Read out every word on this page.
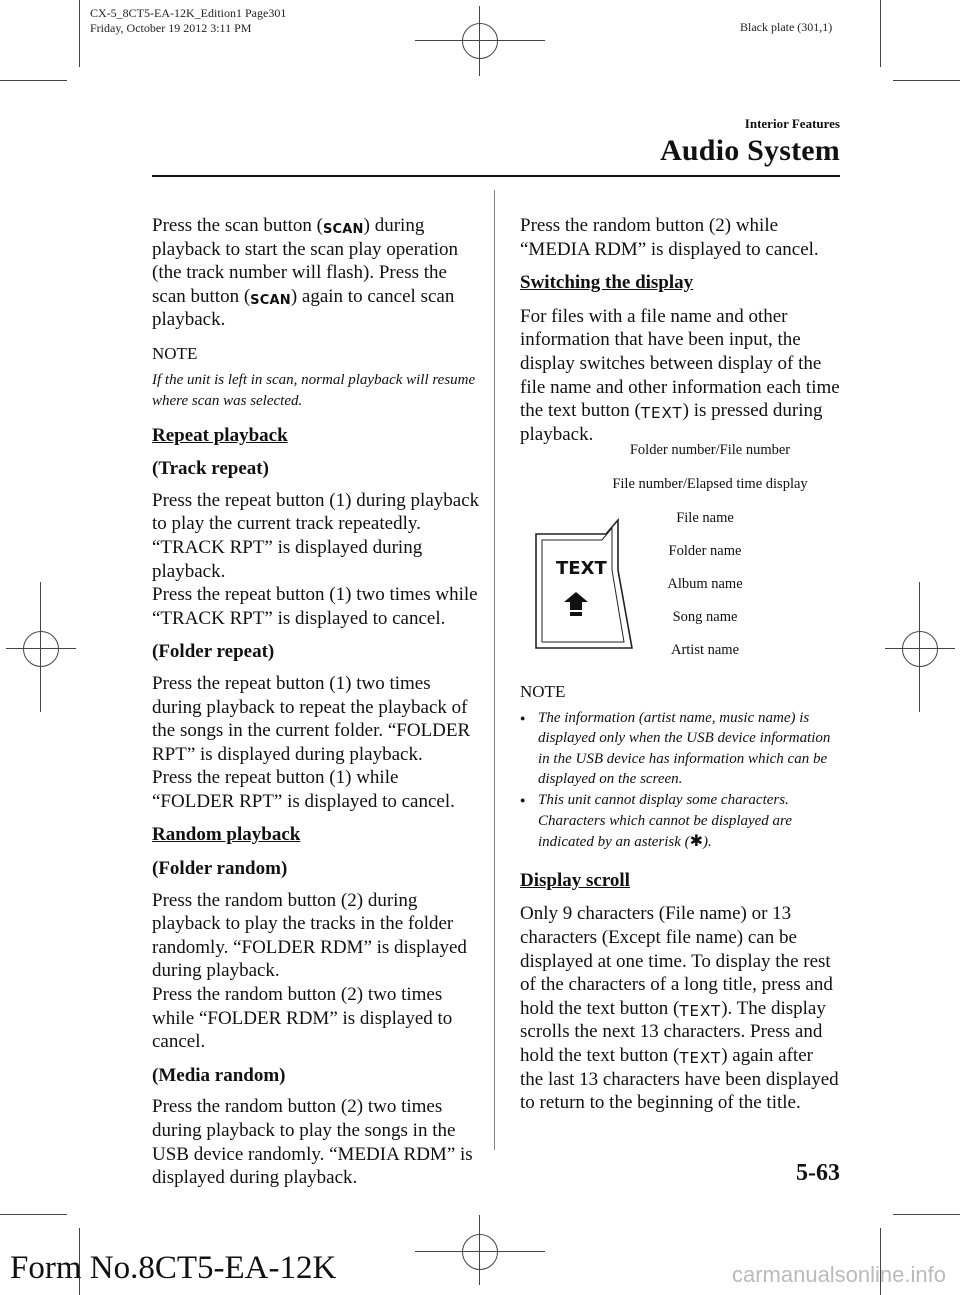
CX-5_8CT5-EA-12K_Edition1 Page301
Friday, October 19 2012 3:11 PM	Black plate (301,1)
Interior Features
Audio System

Press the scan button (SCAN) during playback to start the scan play operation (the track number will flash). Press the scan button (SCAN) again to cancel scan playback.

NOTE
If the unit is left in scan, normal playback will resume where scan was selected.
Repeat playback
(Track repeat)

Press the repeat button (1) during playback to play the current track repeatedly. “TRACK RPT” is displayed during playback.

Press the repeat button (1) two times while “TRACK RPT” is displayed to cancel.

(Folder repeat)

Press the repeat button (1) two times during playback to repeat the playback of the songs in the current folder. “FOLDER RPT” is displayed during playback.

Press the repeat button (1) while “FOLDER RPT” is displayed to cancel.

Random playback
(Folder random)

Press the random button (2) during playback to play the tracks in the folder randomly. “FOLDER RDM” is displayed during playback.

Press the random button (2) two times while “FOLDER RDM” is displayed to cancel.

(Media random)

Press the random button (2) two times during playback to play the songs in the USB device randomly. “MEDIA RDM” is displayed during playback.

Press the random button (2) while “MEDIA RDM” is displayed to cancel.

Switching the display

For files with a file name and other information that have been input, the display switches between display of the file name and other information each time the text button (TEXT) is pressed during playback.

TEXT
Folder number/File number
File number/Elapsed time display
File name
Folder name
Album name
Song name
Artist name
NOTE
● The information (artist name, music name) is displayed only when the USB device information in the USB device has information which can be displayed on the screen.
● This unit cannot display some characters. Characters which cannot be displayed are indicated by an asterisk (✱).
Display scroll

Only 9 characters (File name) or 13 characters (Except file name) can be displayed at one time. To display the rest of the characters of a long title, press and hold the text button (TEXT). The display scrolls the next 13 characters. Press and hold the text button (TEXT) again after the last 13 characters have been displayed to return to the beginning of the title.

5-63
Form No.8CT5-EA-12K	carmanualsonline.info
